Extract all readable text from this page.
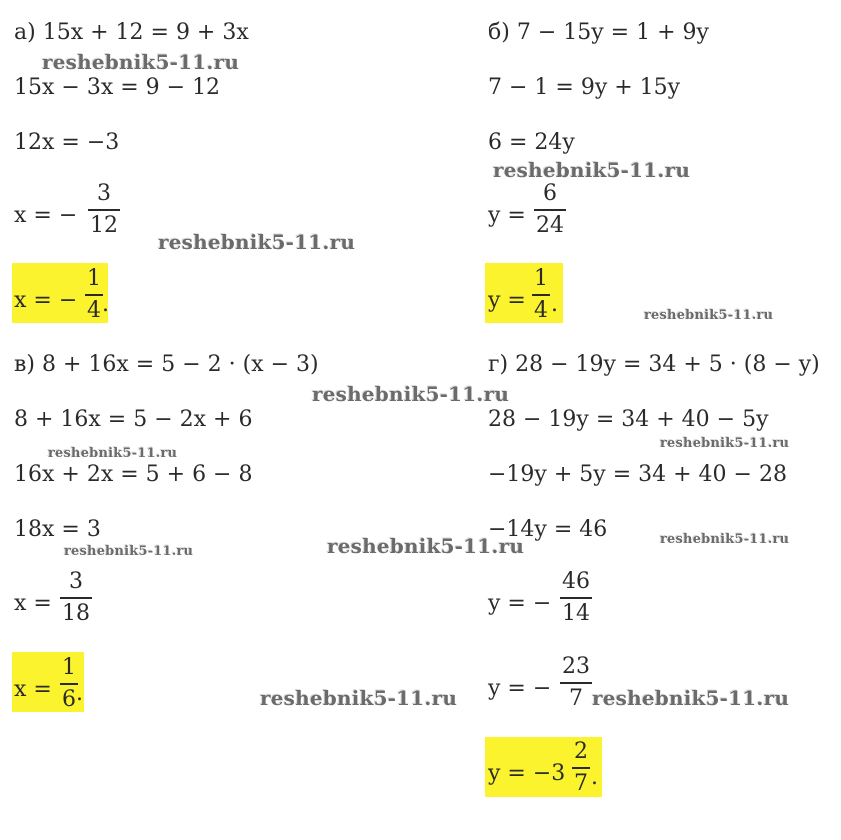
а) 15x + 12 = 9 + 3x
15x − 3x = 9 − 12
12x = −3
x = −
3
12
x = −
1
4 .
б) 7 − 15y = 1 + 9y
7 − 1 = 9y + 15y
6 = 24y
y =
6
24
y =
1
4 .
в) 8 + 16x = 5 − 2 · (x − 3)
8 + 16x = 5 − 2x + 6
16x + 2x = 5 + 6 − 8
18x = 3
x =
3
18
x =
1
6 .
г) 28 − 19y = 34 + 5 · (8 − y)
28 − 19y = 34 + 40 − 5y
−19y + 5y = 34 + 40 − 28
−14y = 46
y = −
46
14
y = −
23
7
y = −3
2
7 .
reshebnik5-11.ru
reshebnik5-11.ru
reshebnik5-11.ru
reshebnik5-11.ru
reshebnik5-11.ru
reshebnik5-11.ru
reshebnik5-11.ru
reshebnik5-11.ru	reshebnik5-11.ru
reshebnik5-11.ru
reshebnik5-11.ru	reshebnik5-11.ru
